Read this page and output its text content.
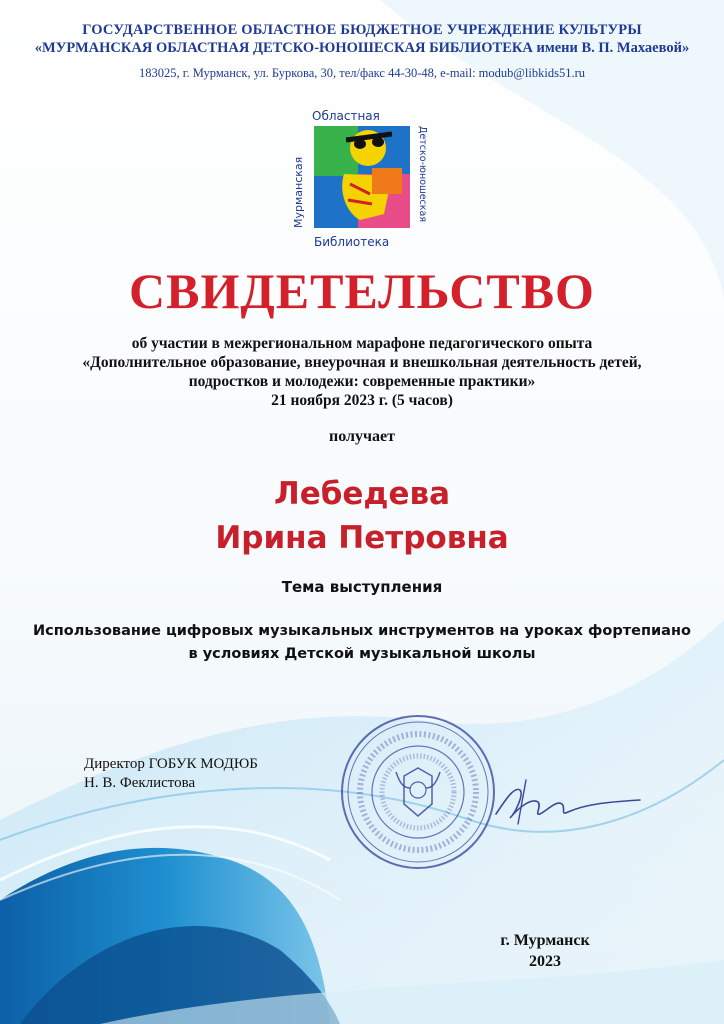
ГОСУДАРСТВЕННОЕ ОБЛАСТНОЕ БЮДЖЕТНОЕ УЧРЕЖДЕНИЕ КУЛЬТУРЫ
«МУРМАНСКАЯ ОБЛАСТНАЯ ДЕТСКО-ЮНОШЕСКАЯ БИБЛИОТЕКА имени В. П. Махаевой»
183025, г. Мурманск, ул. Буркова, 30, тел/факс 44-30-48, e-mail: modub@libkids51.ru
Областная
Мурманская	Детско-юношеская
Библиотека
СВИДЕТЕЛЬСТВО
об участии в межрегиональном марафоне педагогического опыта
«Дополнительное образование, внеурочная и внешкольная деятельность детей,
подростков и молодежи: современные практики»
21 ноября 2023 г. (5 часов)
получает
Лебедева
Ирина Петровна
Тема выступления
Использование цифровых музыкальных инструментов на уроках фортепиано
в условиях Детской музыкальной школы
Директор ГОБУК МОДЮБ
Н. В. Феклистова
г. Мурманск
2023
